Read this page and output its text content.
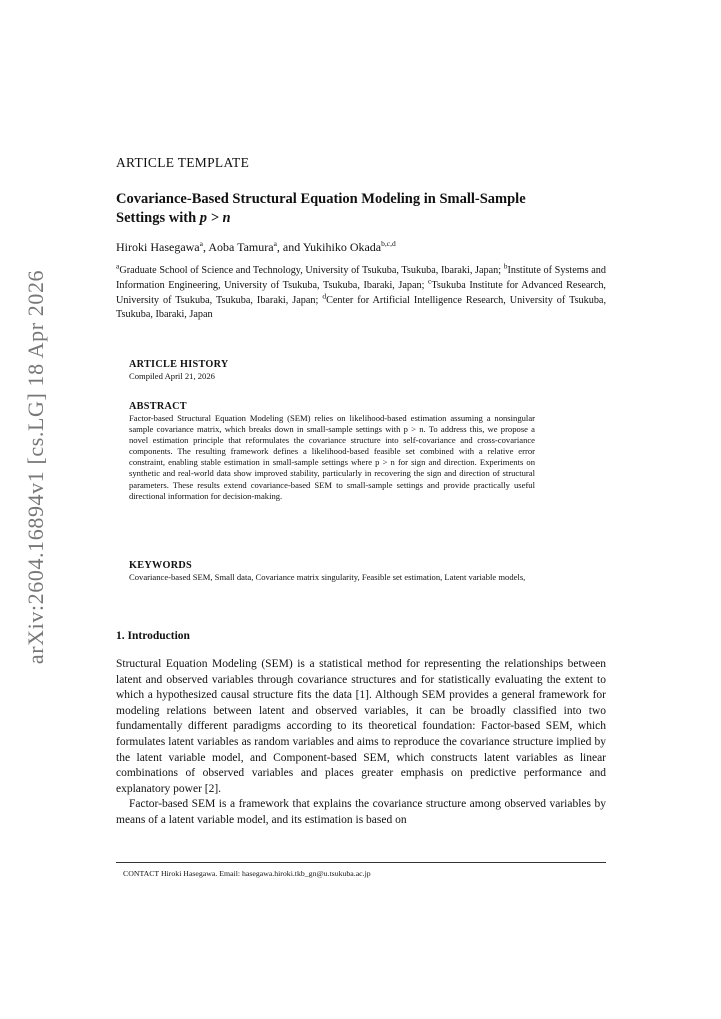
arXiv:2604.16894v1 [cs.LG] 18 Apr 2026
ARTICLE TEMPLATE
Covariance-Based Structural Equation Modeling in Small-Sample
Settings with p > n
Hiroki Hasegawa$^a$, Aoba Tamura$^a$, and Yukihiko Okada$^{b,c,d}$
$^a$Graduate School of Science and Technology, University of Tsukuba, Tsukuba, Ibaraki, Japan; $^b$Institute of Systems and Information Engineering, University of Tsukuba, Tsukuba, Ibaraki, Japan; $^c$Tsukuba Institute for Advanced Research, University of Tsukuba, Tsukuba, Ibaraki, Japan; $^d$Center for Artificial Intelligence Research, University of Tsukuba, Tsukuba, Ibaraki, Japan
ARTICLE HISTORY

Compiled April 21, 2026

ABSTRACT

Factor-based Structural Equation Modeling (SEM) relies on likelihood-based estimation assuming a nonsingular sample covariance matrix, which breaks down in small-sample settings with p > n. To address this, we propose a novel estimation principle that reformulates the covariance structure into self-covariance and cross-covariance components. The resulting framework defines a likelihood-based feasible set combined with a relative error constraint, enabling stable estimation in small-sample settings where p > n for sign and direction. Experiments on synthetic and real-world data show improved stability, particularly in recovering the sign and direction of structural parameters. These results extend covariance-based SEM to small-sample settings and provide practically useful directional information for decision-making.

KEYWORDS

Covariance-based SEM, Small data, Covariance matrix singularity, Feasible set estimation, Latent variable models,

1. Introduction

Structural Equation Modeling (SEM) is a statistical method for representing the relationships between latent and observed variables through covariance structures and for statistically evaluating the extent to which a hypothesized causal structure fits the data [1]. Although SEM provides a general framework for modeling relations between latent and observed variables, it can be broadly classified into two fundamentally different paradigms according to its theoretical foundation: Factor-based SEM, which formulates latent variables as random variables and aims to reproduce the covariance structure implied by the latent variable model, and Component-based SEM, which constructs latent variables as linear combinations of observed variables and places greater emphasis on predictive performance and explanatory power [2].

Factor-based SEM is a framework that explains the covariance structure among observed variables by means of a latent variable model, and its estimation is based on

CONTACT Hiroki Hasegawa. Email: hasegawa.hiroki.tkb_gn@u.tsukuba.ac.jp
